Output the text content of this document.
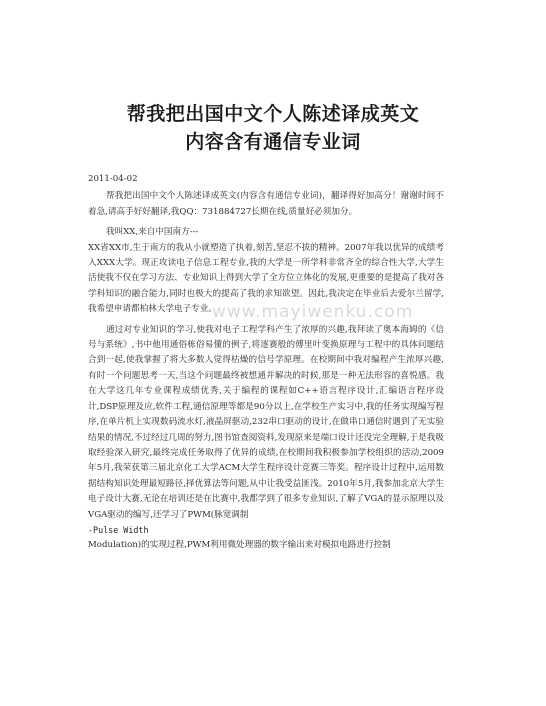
帮我把出国中文个人陈述译成英文
内容含有通信专业词

2011-04-02

帮我把出国中文个人陈述译成英文(内容含有通信专业词)，翻译得好加高分！谢谢时间不着急,请高手好好翻译,我QQ：731884727长期在线,质量好必须加分。

我叫XX,来自中国南方---

XX省XX市,生于南方的我从小就塑造了执着,刻苦,坚忍不拔的精神。2007年我以优异的成绩考入XXX大学。现正攻读电子信息工程专业,我的大学是一所学科非常齐全的综合性大学,大学生活使我不仅在学习方法、专业知识上得到大学了全方位立体化的发展,更重要的是提高了我对各学科知识的融合能力,同时也极大的提高了我的求知欲望。因此,我决定在毕业后去爱尔兰留学,我希望申请都柏林大学电子专业。

通过对专业知识的学习,使我对电子工程学科产生了浓厚的兴趣,我拜读了奥本海姆的《信号与系统》,书中他用通俗栋俗易懂的例子,将逐赛般的傅里叶变换原理与工程中的具体问题结合到一起,使我掌握了将大多数人觉得枯燥的信号学原理。在校期间中我对编程产生浓厚兴趣,有时一个问题思考一天,当这个问题最终被想通并解决的时候,那是一种无法形容的喜悦感。我在大学这几年专业课程成绩优秀,关于编程的课程如C++语言程序设计,汇编语言程序设计,DSP原理及应,软件工程,通信原理等都是90分以上,在学校生产实习中,我的任务实现编写程序,在单片机上实现数码流水灯,液晶屏驱动,232串口驱动的设计,在做串口通信时遇到了无实验结果的情况,不过经过几周的努力,图书馆查阅资料,发现原来是端口设计还没完全理解,于是我吸取经验深入研究,最终完成任务取得了优异的成绩,在校期间我积极参加学校组织的活动,2009年5月,我荣获第三届北京化工大学ACM大学生程序设计竞赛三等奖。程序设计过程中,运用数据结构知识处理最短路径,择优算法等问题,从中让我受益匪浅。2010年5月,我参加北京大学生电子设计大赛,无论在培训还是在比赛中,我都学到了很多专业知识,了解了VGA的显示原理以及VGA驱动的编写,还学习了PWM(脉宽调制

-Pulse Width

Modulation)的实现过程,PWM利用微处理器的数字输出来对模拟电路进行控制

www.mayiwenku.com
